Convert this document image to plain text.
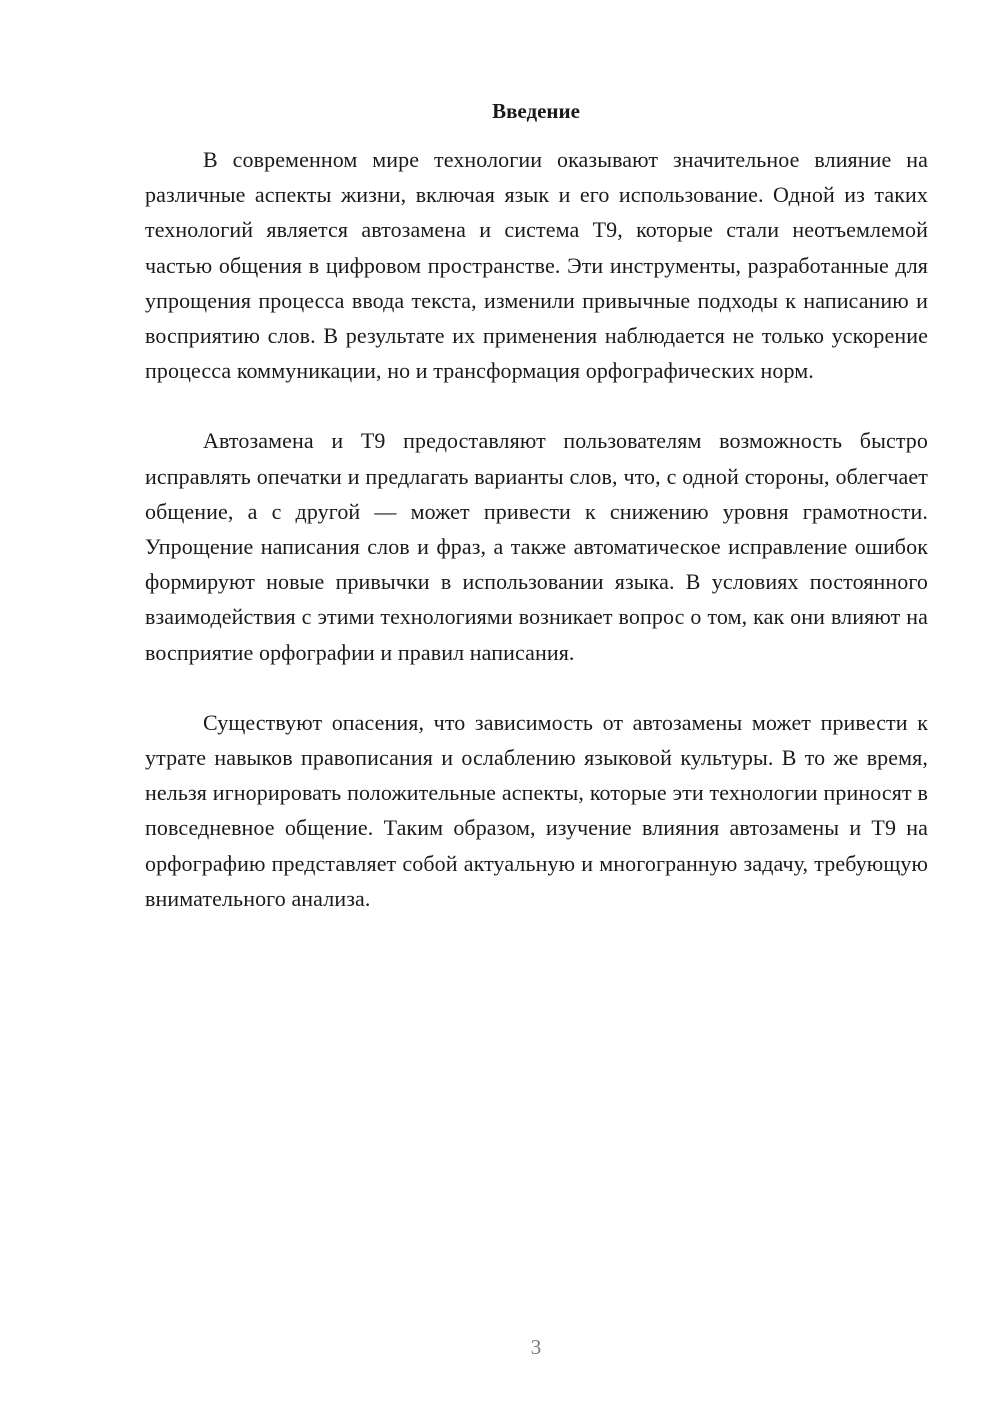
Введение

В современном мире технологии оказывают значительное влияние на различные аспекты жизни, включая язык и его использование. Одной из таких технологий является автозамена и система Т9, которые стали неотъемлемой частью общения в цифровом пространстве. Эти инструменты, разработанные для упрощения процесса ввода текста, изменили привычные подходы к написанию и восприятию слов. В результате их применения наблюдается не только ускорение процесса коммуникации, но и трансформация орфографических норм.

Автозамена и Т9 предоставляют пользователям возможность быстро исправлять опечатки и предлагать варианты слов, что, с одной стороны, облегчает общение, а с другой — может привести к снижению уровня грамотности. Упрощение написания слов и фраз, а также автоматическое исправление ошибок формируют новые привычки в использовании языка. В условиях постоянного взаимодействия с этими технологиями возникает вопрос о том, как они влияют на восприятие орфографии и правил написания.

Существуют опасения, что зависимость от автозамены может привести к утрате навыков правописания и ослаблению языковой культуры. В то же время, нельзя игнорировать положительные аспекты, которые эти технологии приносят в повседневное общение. Таким образом, изучение влияния автозамены и Т9 на орфографию представляет собой актуальную и многогранную задачу, требующую внимательного анализа.

3
